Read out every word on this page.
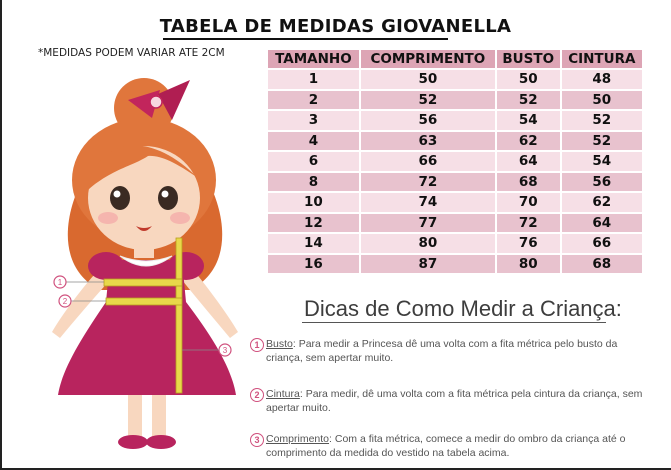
TABELA DE MEDIDAS GIOVANELLA
*MEDIDAS PODEM VARIAR ATE 2CM
1
2
3
TAMANHO	COMPRIMENTO	BUSTO	CINTURA
1	50	50	48
2	52	52	50
3	56	54	52
4	63	62	52
6	66	64	54
8	72	68	56
10	74	70	62
12	77	72	64
14	80	76	66
16	87	80	68
Dicas de Como Medir a Criança:
1 Busto: Para medir a Princesa dê uma volta com a fita métrica pelo busto da criança, sem apertar muito.
2 Cintura: Para medir, dê uma volta com a fita métrica pela cintura da criança, sem apertar muito.
3 Comprimento: Com a fita métrica, comece a medir do ombro da criança até o comprimento da medida do vestido na tabela acima.
